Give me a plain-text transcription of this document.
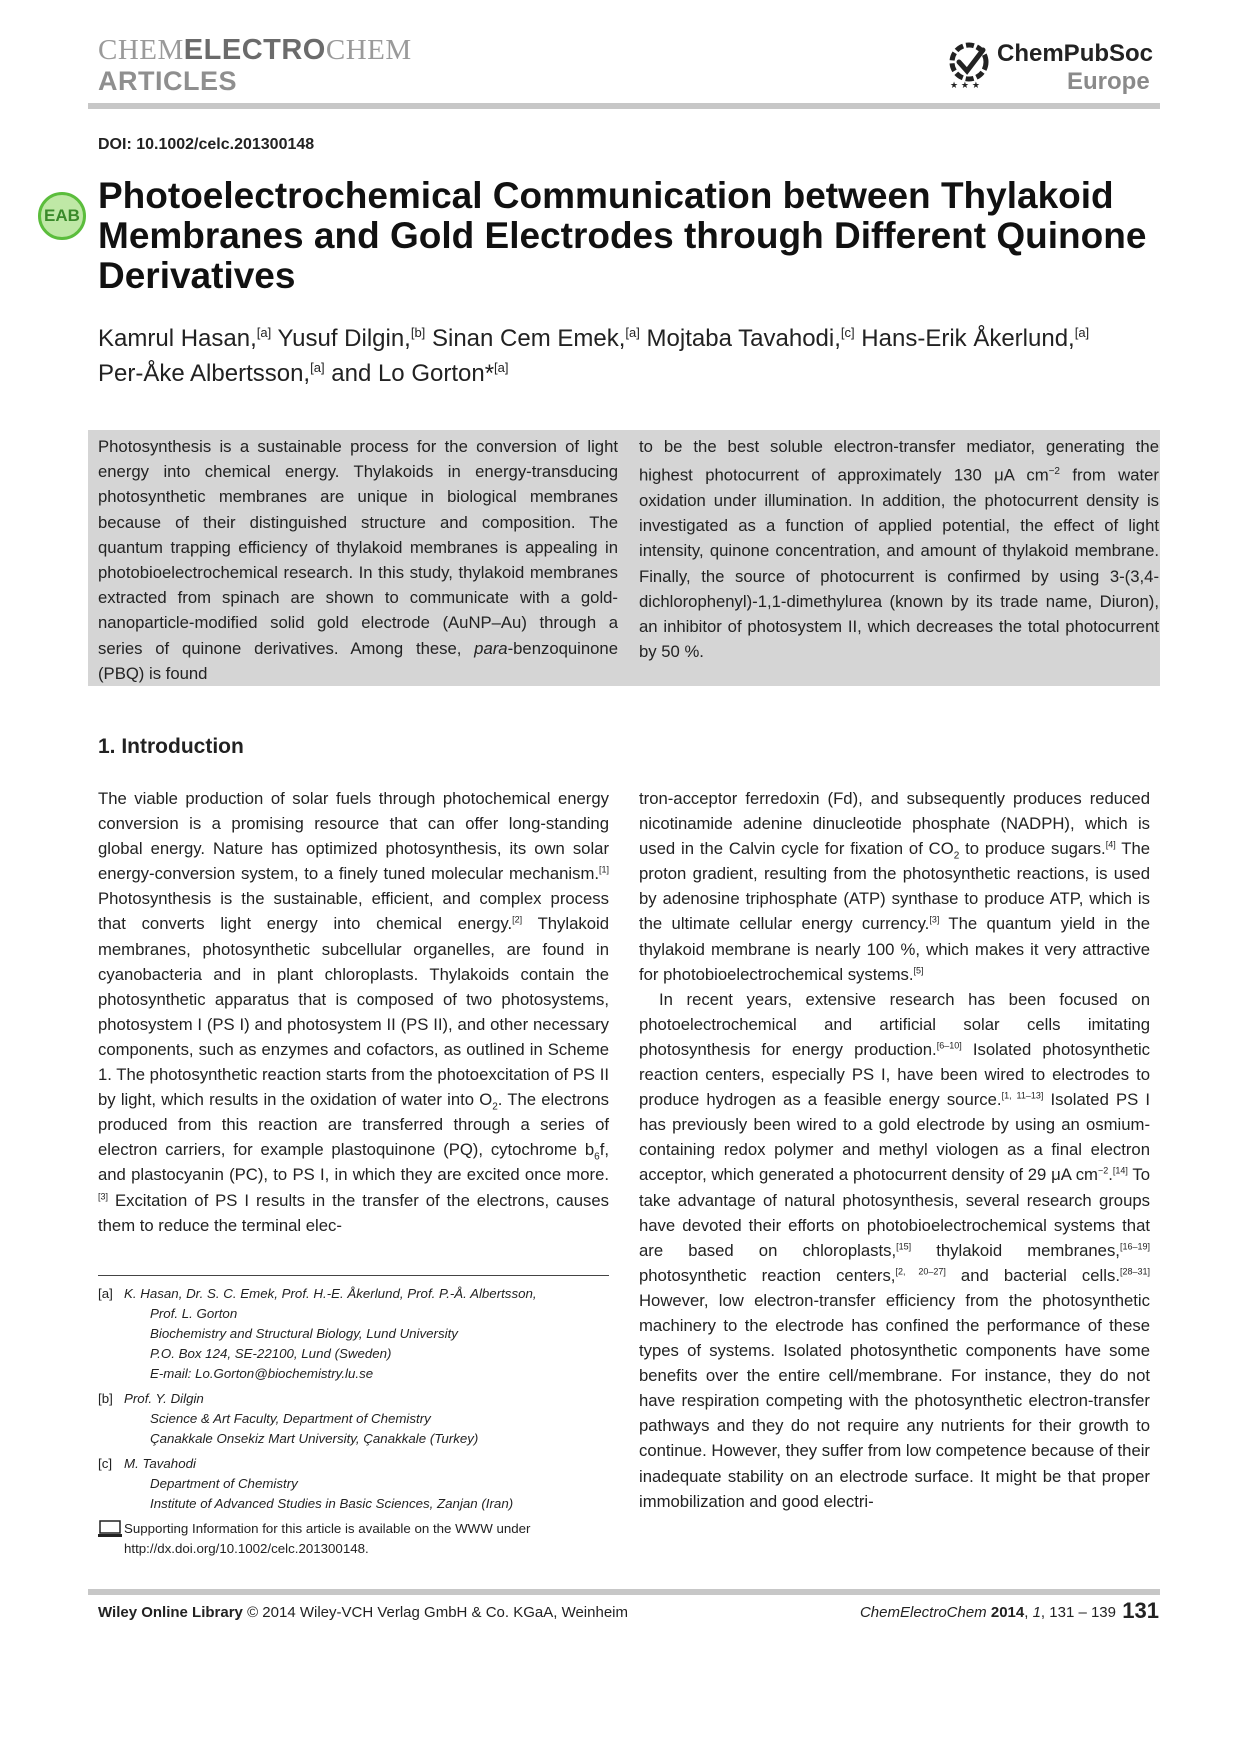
CHEMELECTROCHEM
ARTICLES	★ ★ ★
ChemPubSoc
Europe
DOI: 10.1002/celc.201300148
EAB Photoelectrochemical Communication between Thylakoid Membranes and Gold Electrodes through Different Quinone Derivatives
Kamrul Hasan,[a] Yusuf Dilgin,[b] Sinan Cem Emek,[a] Mojtaba Tavahodi,[c] Hans-Erik Åkerlund,[a]
Per-Åke Albertsson,[a] and Lo Gorton*[a]
Photosynthesis is a sustainable process for the conversion of light energy into chemical energy. Thylakoids in energy-transducing photosynthetic membranes are unique in biological membranes because of their distinguished structure and composition. The quantum trapping efficiency of thylakoid membranes is appealing in photobioelectrochemical research. In this study, thylakoid membranes extracted from spinach are shown to communicate with a gold-nanoparticle-modified solid gold electrode (AuNP–Au) through a series of quinone derivatives. Among these, para-benzoquinone (PBQ) is found
to be the best soluble electron-transfer mediator, generating the highest photocurrent of approximately 130 μA $cm^{-2}$ from water oxidation under illumination. In addition, the photocurrent density is investigated as a function of applied potential, the effect of light intensity, quinone concentration, and amount of thylakoid membrane. Finally, the source of photocurrent is confirmed by using 3-(3,4-dichlorophenyl)-1,1-dimethylurea (known by its trade name, Diuron), an inhibitor of photosystem II, which decreases the total photocurrent by 50 %.
1. Introduction

The viable production of solar fuels through photochemical energy conversion is a promising resource that can offer long-standing global energy. Nature has optimized photosynthesis, its own solar energy-conversion system, to a finely tuned molecular mechanism.[1] Photosynthesis is the sustainable, efficient, and complex process that converts light energy into chemical energy.[2] Thylakoid membranes, photosynthetic subcellular organelles, are found in cyanobacteria and in plant chloroplasts. Thylakoids contain the photosynthetic apparatus that is composed of two photosystems, photosystem I (PS I) and photosystem II (PS II), and other necessary components, such as enzymes and cofactors, as outlined in Scheme 1. The photosynthetic reaction starts from the photoexcitation of PS II by light, which results in the oxidation of water into $O_2$. The electrons produced from this reaction are transferred through a series of electron carriers, for example plastoquinone (PQ), cytochrome $b_6f$, and plastocyanin (PC), to PS I, in which they are excited once more.[3] Excitation of PS I results in the transfer of the electrons, causes them to reduce the terminal elec-

[a] K. Hasan, Dr. S. C. Emek, Prof. H.-E. Åkerlund, Prof. P.-Å. Albertsson,
Prof. L. Gorton
Biochemistry and Structural Biology, Lund University
P.O. Box 124, SE-22100, Lund (Sweden)
E-mail: Lo.Gorton@biochemistry.lu.se
[b] Prof. Y. Dilgin
Science & Art Faculty, Department of Chemistry
Çanakkale Onsekiz Mart University, Çanakkale (Turkey)
[c] M. Tavahodi
Department of Chemistry
Institute of Advanced Studies in Basic Sciences, Zanjan (Iran)
Supporting Information for this article is available on the WWW under
http://dx.doi.org/10.1002/celc.201300148.

tron-acceptor ferredoxin (Fd), and subsequently produces reduced nicotinamide adenine dinucleotide phosphate (NADPH), which is used in the Calvin cycle for fixation of $CO_2$ to produce sugars.[4] The proton gradient, resulting from the photosynthetic reactions, is used by adenosine triphosphate (ATP) synthase to produce ATP, which is the ultimate cellular energy currency.[3] The quantum yield in the thylakoid membrane is nearly 100 %, which makes it very attractive for photobioelectrochemical systems.[5]

In recent years, extensive research has been focused on photoelectrochemical and artificial solar cells imitating photosynthesis for energy production.[6–10] Isolated photosynthetic reaction centers, especially PS I, have been wired to electrodes to produce hydrogen as a feasible energy source.[1, 11–13] Isolated PS I has previously been wired to a gold electrode by using an osmium-containing redox polymer and methyl viologen as a final electron acceptor, which generated a photocurrent density of 29 μA $cm^{-2}.[14]$ To take advantage of natural photosynthesis, several research groups have devoted their efforts on photobioelectrochemical systems that are based on chloroplasts,[15] thylakoid membranes,[16–19] photosynthetic reaction centers,[2, 20–27] and bacterial cells.[28–31] However, low electron-transfer efficiency from the photosynthetic machinery to the electrode has confined the performance of these types of systems. Isolated photosynthetic components have some benefits over the entire cell/membrane. For instance, they do not have respiration competing with the photosynthetic electron-transfer pathways and they do not require any nutrients for their growth to continue. However, they suffer from low competence because of their inadequate stability on an electrode surface. It might be that proper immobilization and good electri-

Wiley Online Library © 2014 Wiley-VCH Verlag GmbH & Co. KGaA, Weinheim	ChemElectroChem 2014, 1, 131 – 139 131
